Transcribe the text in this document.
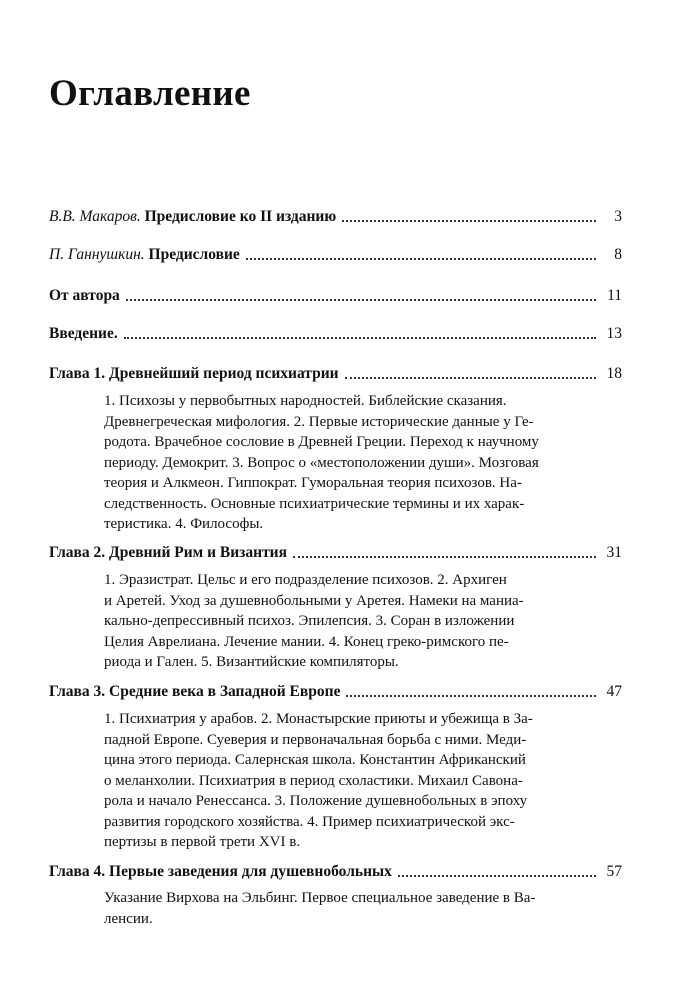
Оглавление
В.В. Макаров. Предисловие ко II изданию	3
П. Ганнушкин. Предисловие	8
От автора	11
Введение.	13
Глава 1. Древнейший период психиатрии	18
1. Психозы у первобытных народностей. Библейские сказания.
Древнегреческая мифология. 2. Первые исторические данные у Ге-
родота. Врачебное сословие в Древней Греции. Переход к научному
периоду. Демокрит. 3. Вопрос о «местоположении души». Мозговая
теория и Алкмеон. Гиппократ. Гуморальная теория психозов. На-
следственность. Основные психиатрические термины и их харак-
теристика. 4. Философы.
Глава 2. Древний Рим и Византия	31
1. Эразистрат. Цельс и его подразделение психозов. 2. Архиген
и Аретей. Уход за душевнобольными у Аретея. Намеки на маниа-
кально-депрессивный психоз. Эпилепсия. 3. Соран в изложении
Целия Аврелиана. Лечение мании. 4. Конец греко-римского пе-
риода и Гален. 5. Византийские компиляторы.
Глава 3. Средние века в Западной Европе	47
1. Психиатрия у арабов. 2. Монастырские приюты и убежища в За-
падной Европе. Суеверия и первоначальная борьба с ними. Меди-
цина этого периода. Салернская школа. Константин Африканский
о меланхолии. Психиатрия в период схоластики. Михаил Савона-
рола и начало Ренессанса. 3. Положение душевнобольных в эпоху
развития городского хозяйства. 4. Пример психиатрической экс-
пертизы в первой трети XVI в.
Глава 4. Первые заведения для душевнобольных	57
Указание Вирхова на Эльбинг. Первое специальное заведение в Ва-
ленсии.
